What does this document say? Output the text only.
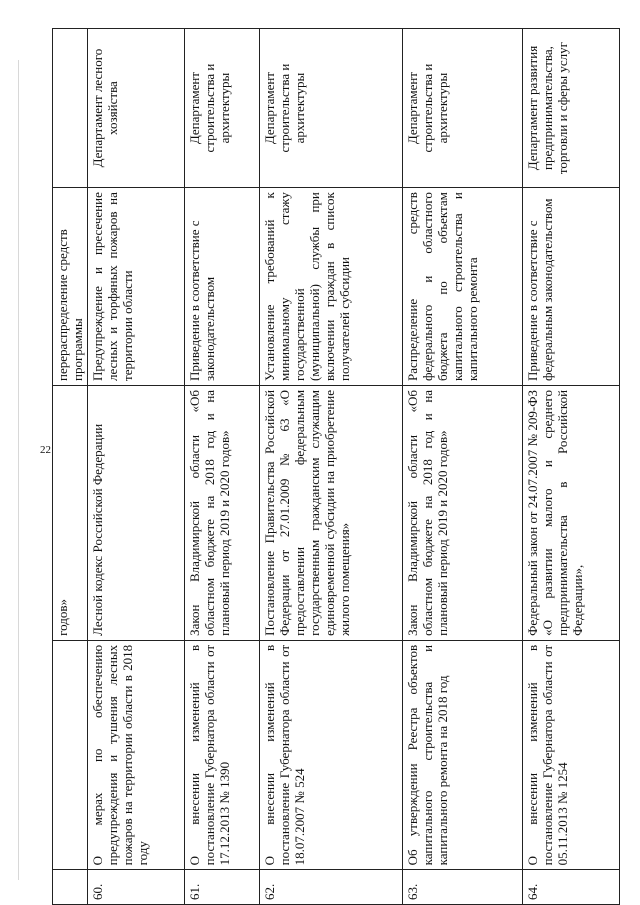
22
		годов»	перераспределение средств программы	
60.	О мерах по обеспечению предупреждения и тушения лесных пожаров на территории области в 2018 году	Лесной кодекс Российской Федерации	Предупреждение и пресечение лесных и торфяных пожаров на территории области	Департамент лесного хозяйства
61.	О внесении изменений в постановление Губернатора области от 17.12.2013 № 1390	Закон Владимирской области «Об областном бюджете на 2018 год и на плановый период 2019 и 2020 годов»	Приведение в соответствие с законодательством	Департамент строительства и архитектуры
62.	О внесении изменений в постановление Губернатора области от 18.07.2007 № 524	Постановление Правительства Российской Федерации от 27.01.2009 № 63 «О предоставлении федеральным государственным гражданским служащим единовременной субсидии на приобретение жилого помещения»	Установление требований к минимальному стажу государственной (муниципальной) службы при включении граждан в список получателей субсидии	Департамент строительства и архитектуры
63.	Об утверждении Реестра объектов капитального строительства и капитального ремонта на 2018 год	Закон Владимирской области «Об областном бюджете на 2018 год и на плановый период 2019 и 2020 годов»	Распределение средств федерального и областного бюджета по объектам капитального строительства и капитального ремонта	Департамент строительства и архитектуры
64.	О внесении изменений в постановление Губернатора области от 05.11.2013 № 1254	Федеральный закон от 24.07.2007 № 209-ФЗ «О развитии малого и среднего предпринимательства в Российской Федерации»,	Приведение в соответствие с федеральным законодательством	Департамент развития предпринимательства, торговли и сферы услуг
